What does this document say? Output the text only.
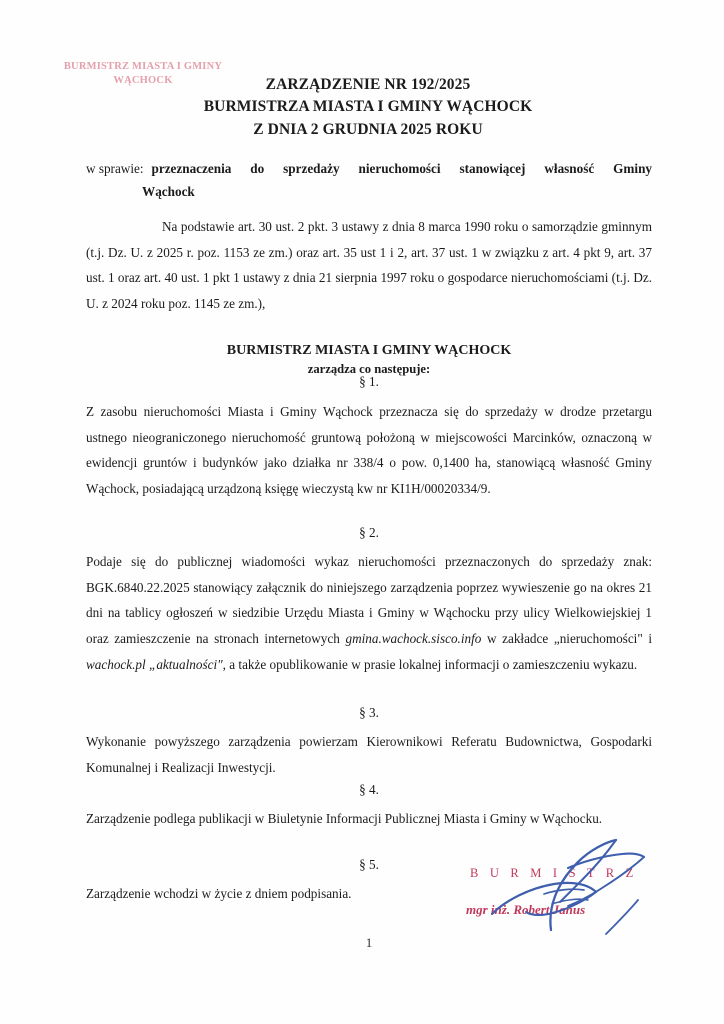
BURMISTRZ MIASTA I GMINY
WĄCHOCK	ZARZĄDZENIE NR 192/2025
BURMISTRZA MIASTA I GMINY WĄCHOCK
Z DNIA 2 GRUDNIA 2025 ROKU
w sprawie: przeznaczenia do sprzedaży nieruchomości stanowiącej własność Gminy
Wąchock
Na podstawie art. 30 ust. 2 pkt. 3 ustawy z dnia 8 marca 1990 roku o samorządzie gminnym (t.j. Dz. U. z 2025 r. poz. 1153 ze zm.) oraz art. 35 ust 1 i 2, art. 37 ust. 1 w związku z art. 4 pkt 9, art. 37 ust. 1 oraz art. 40 ust. 1 pkt 1 ustawy z dnia 21 sierpnia 1997 roku o gospodarce nieruchomościami (t.j. Dz. U. z 2024 roku poz. 1145 ze zm.),
BURMISTRZ MIASTA I GMINY WĄCHOCK
zarządza co następuje:
§ 1.
Z zasobu nieruchomości Miasta i Gminy Wąchock przeznacza się do sprzedaży w drodze przetargu ustnego nieograniczonego nieruchomość gruntową położoną w miejscowości Marcinków, oznaczoną w ewidencji gruntów i budynków jako działka nr 338/4 o pow. 0,1400 ha, stanowiącą własność Gminy Wąchock, posiadającą urządzoną księgę wieczystą kw nr KI1H/00020334/9.
§ 2.
Podaje się do publicznej wiadomości wykaz nieruchomości przeznaczonych do sprzedaży znak: BGK.6840.22.2025 stanowiący załącznik do niniejszego zarządzenia poprzez wywieszenie go na okres 21 dni na tablicy ogłoszeń w siedzibie Urzędu Miasta i Gminy w Wąchocku przy ulicy Wielkowiejskiej 1 oraz zamieszczenie na stronach internetowych gmina.wachock.sisco.info w zakładce „nieruchomości" i wachock.pl „aktualności", a także opublikowanie w prasie lokalnej informacji o zamieszczeniu wykazu.
§ 3.
Wykonanie powyższego zarządzenia powierzam Kierownikowi Referatu Budownictwa, Gospodarki Komunalnej i Realizacji Inwestycji.
§ 4.
Zarządzenie podlega publikacji w Biuletynie Informacji Publicznej Miasta i Gminy w Wąchocku.
§ 5.
Zarządzenie wchodzi w życie z dniem podpisania.
B U R M I S T R Z
mgr inż. Robert Janus
1
